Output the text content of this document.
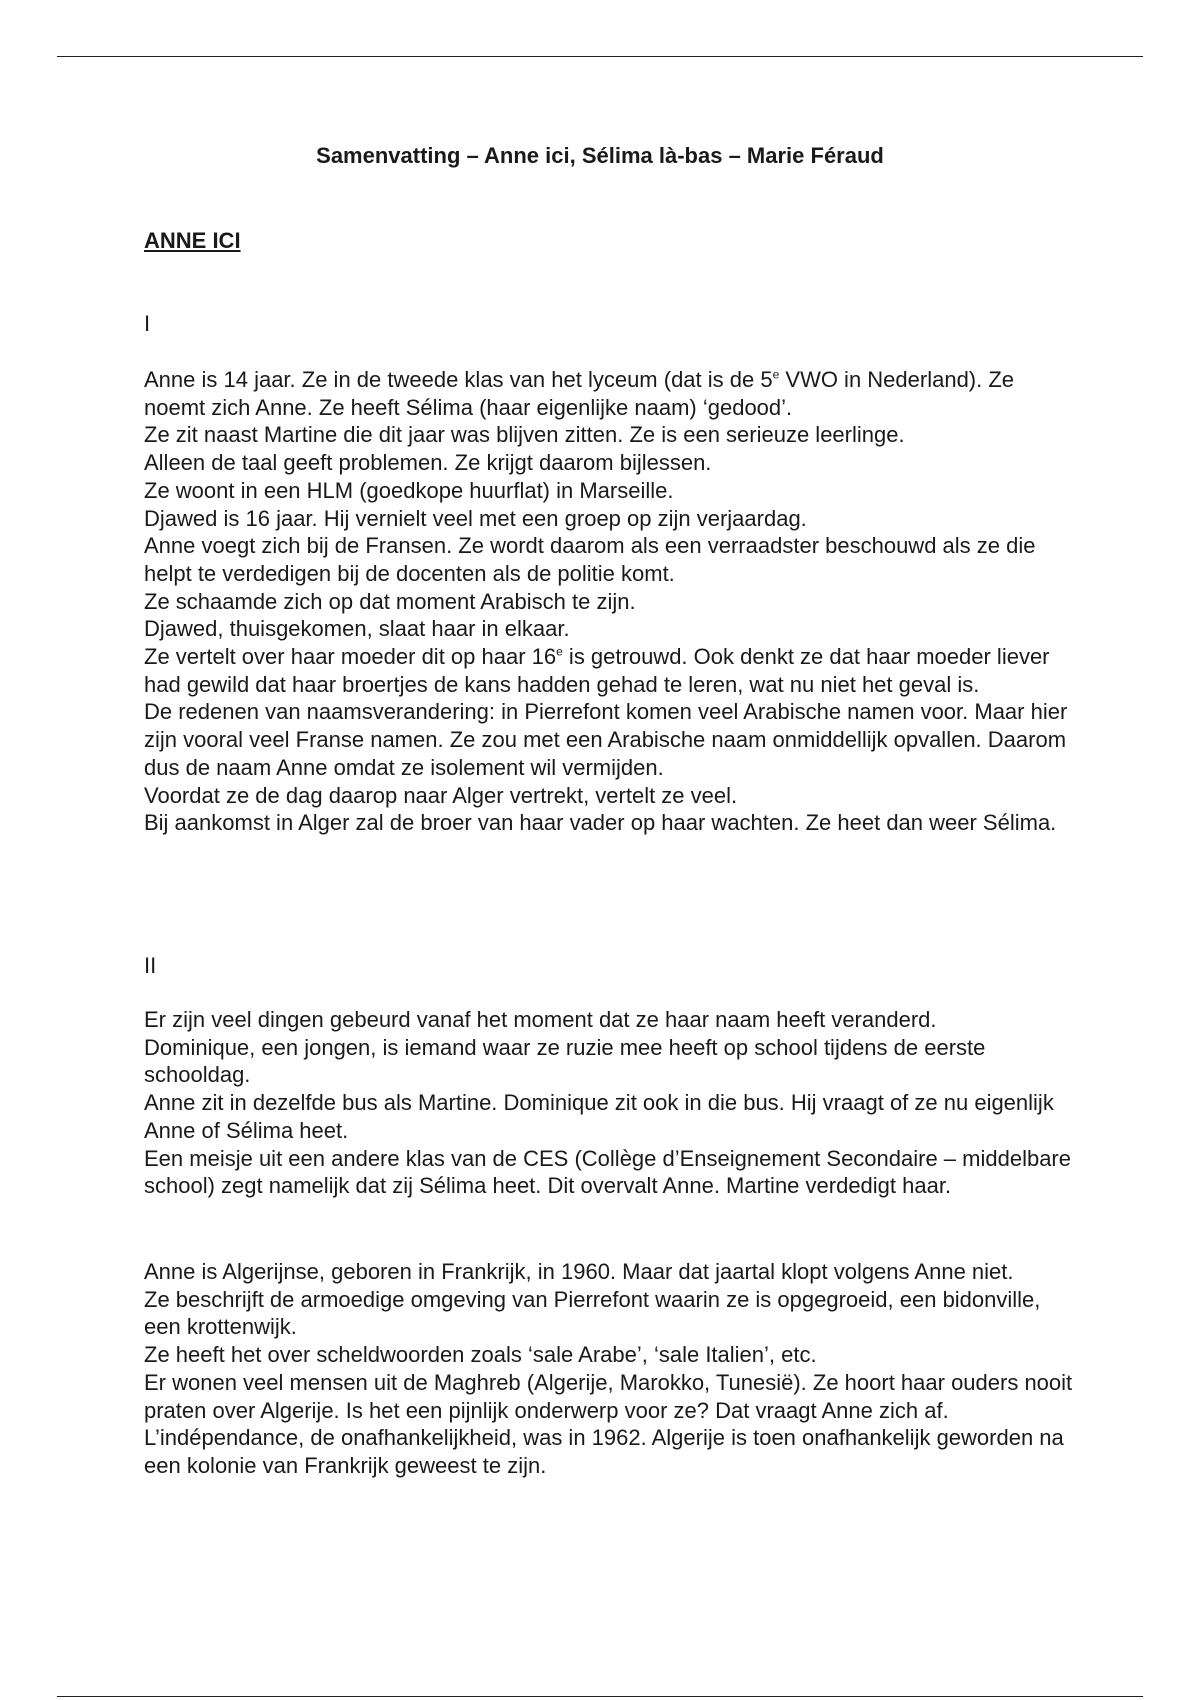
Samenvatting – Anne ici, Sélima là-bas – Marie Féraud
ANNE ICI
I

Anne is 14 jaar. Ze in de tweede klas van het lyceum (dat is de 5e VWO in Nederland). Ze noemt zich Anne. Ze heeft Sélima (haar eigenlijke naam) ‘gedood’.

Ze zit naast Martine die dit jaar was blijven zitten. Ze is een serieuze leerlinge.

Alleen de taal geeft problemen. Ze krijgt daarom bijlessen.

Ze woont in een HLM (goedkope huurflat) in Marseille.

Djawed is 16 jaar. Hij vernielt veel met een groep op zijn verjaardag.

Anne voegt zich bij de Fransen. Ze wordt daarom als een verraadster beschouwd als ze die helpt te verdedigen bij de docenten als de politie komt.

Ze schaamde zich op dat moment Arabisch te zijn.

Djawed, thuisgekomen, slaat haar in elkaar.

Ze vertelt over haar moeder dit op haar 16e is getrouwd. Ook denkt ze dat haar moeder liever had gewild dat haar broertjes de kans hadden gehad te leren, wat nu niet het geval is.

De redenen van naamsverandering: in Pierrefont komen veel Arabische namen voor. Maar hier zijn vooral veel Franse namen. Ze zou met een Arabische naam onmiddellijk opvallen. Daarom dus de naam Anne omdat ze isolement wil vermijden.

Voordat ze de dag daarop naar Alger vertrekt, vertelt ze veel.

Bij aankomst in Alger zal de broer van haar vader op haar wachten. Ze heet dan weer Sélima.

II

Er zijn veel dingen gebeurd vanaf het moment dat ze haar naam heeft veranderd.

Dominique, een jongen, is iemand waar ze ruzie mee heeft op school tijdens de eerste schooldag.

Anne zit in dezelfde bus als Martine. Dominique zit ook in die bus. Hij vraagt of ze nu eigenlijk Anne of Sélima heet.

Een meisje uit een andere klas van de CES (Collège d’Enseignement Secondaire – middelbare school) zegt namelijk dat zij Sélima heet. Dit overvalt Anne. Martine verdedigt haar.

Anne is Algerijnse, geboren in Frankrijk, in 1960. Maar dat jaartal klopt volgens Anne niet.

Ze beschrijft de armoedige omgeving van Pierrefont waarin ze is opgegroeid, een bidonville, een krottenwijk.

Ze heeft het over scheldwoorden zoals ‘sale Arabe’, ‘sale Italien’, etc.

Er wonen veel mensen uit de Maghreb (Algerije, Marokko, Tunesië). Ze hoort haar ouders nooit praten over Algerije. Is het een pijnlijk onderwerp voor ze? Dat vraagt Anne zich af.

L’indépendance, de onafhankelijkheid, was in 1962. Algerije is toen onafhankelijk geworden na een kolonie van Frankrijk geweest te zijn.
